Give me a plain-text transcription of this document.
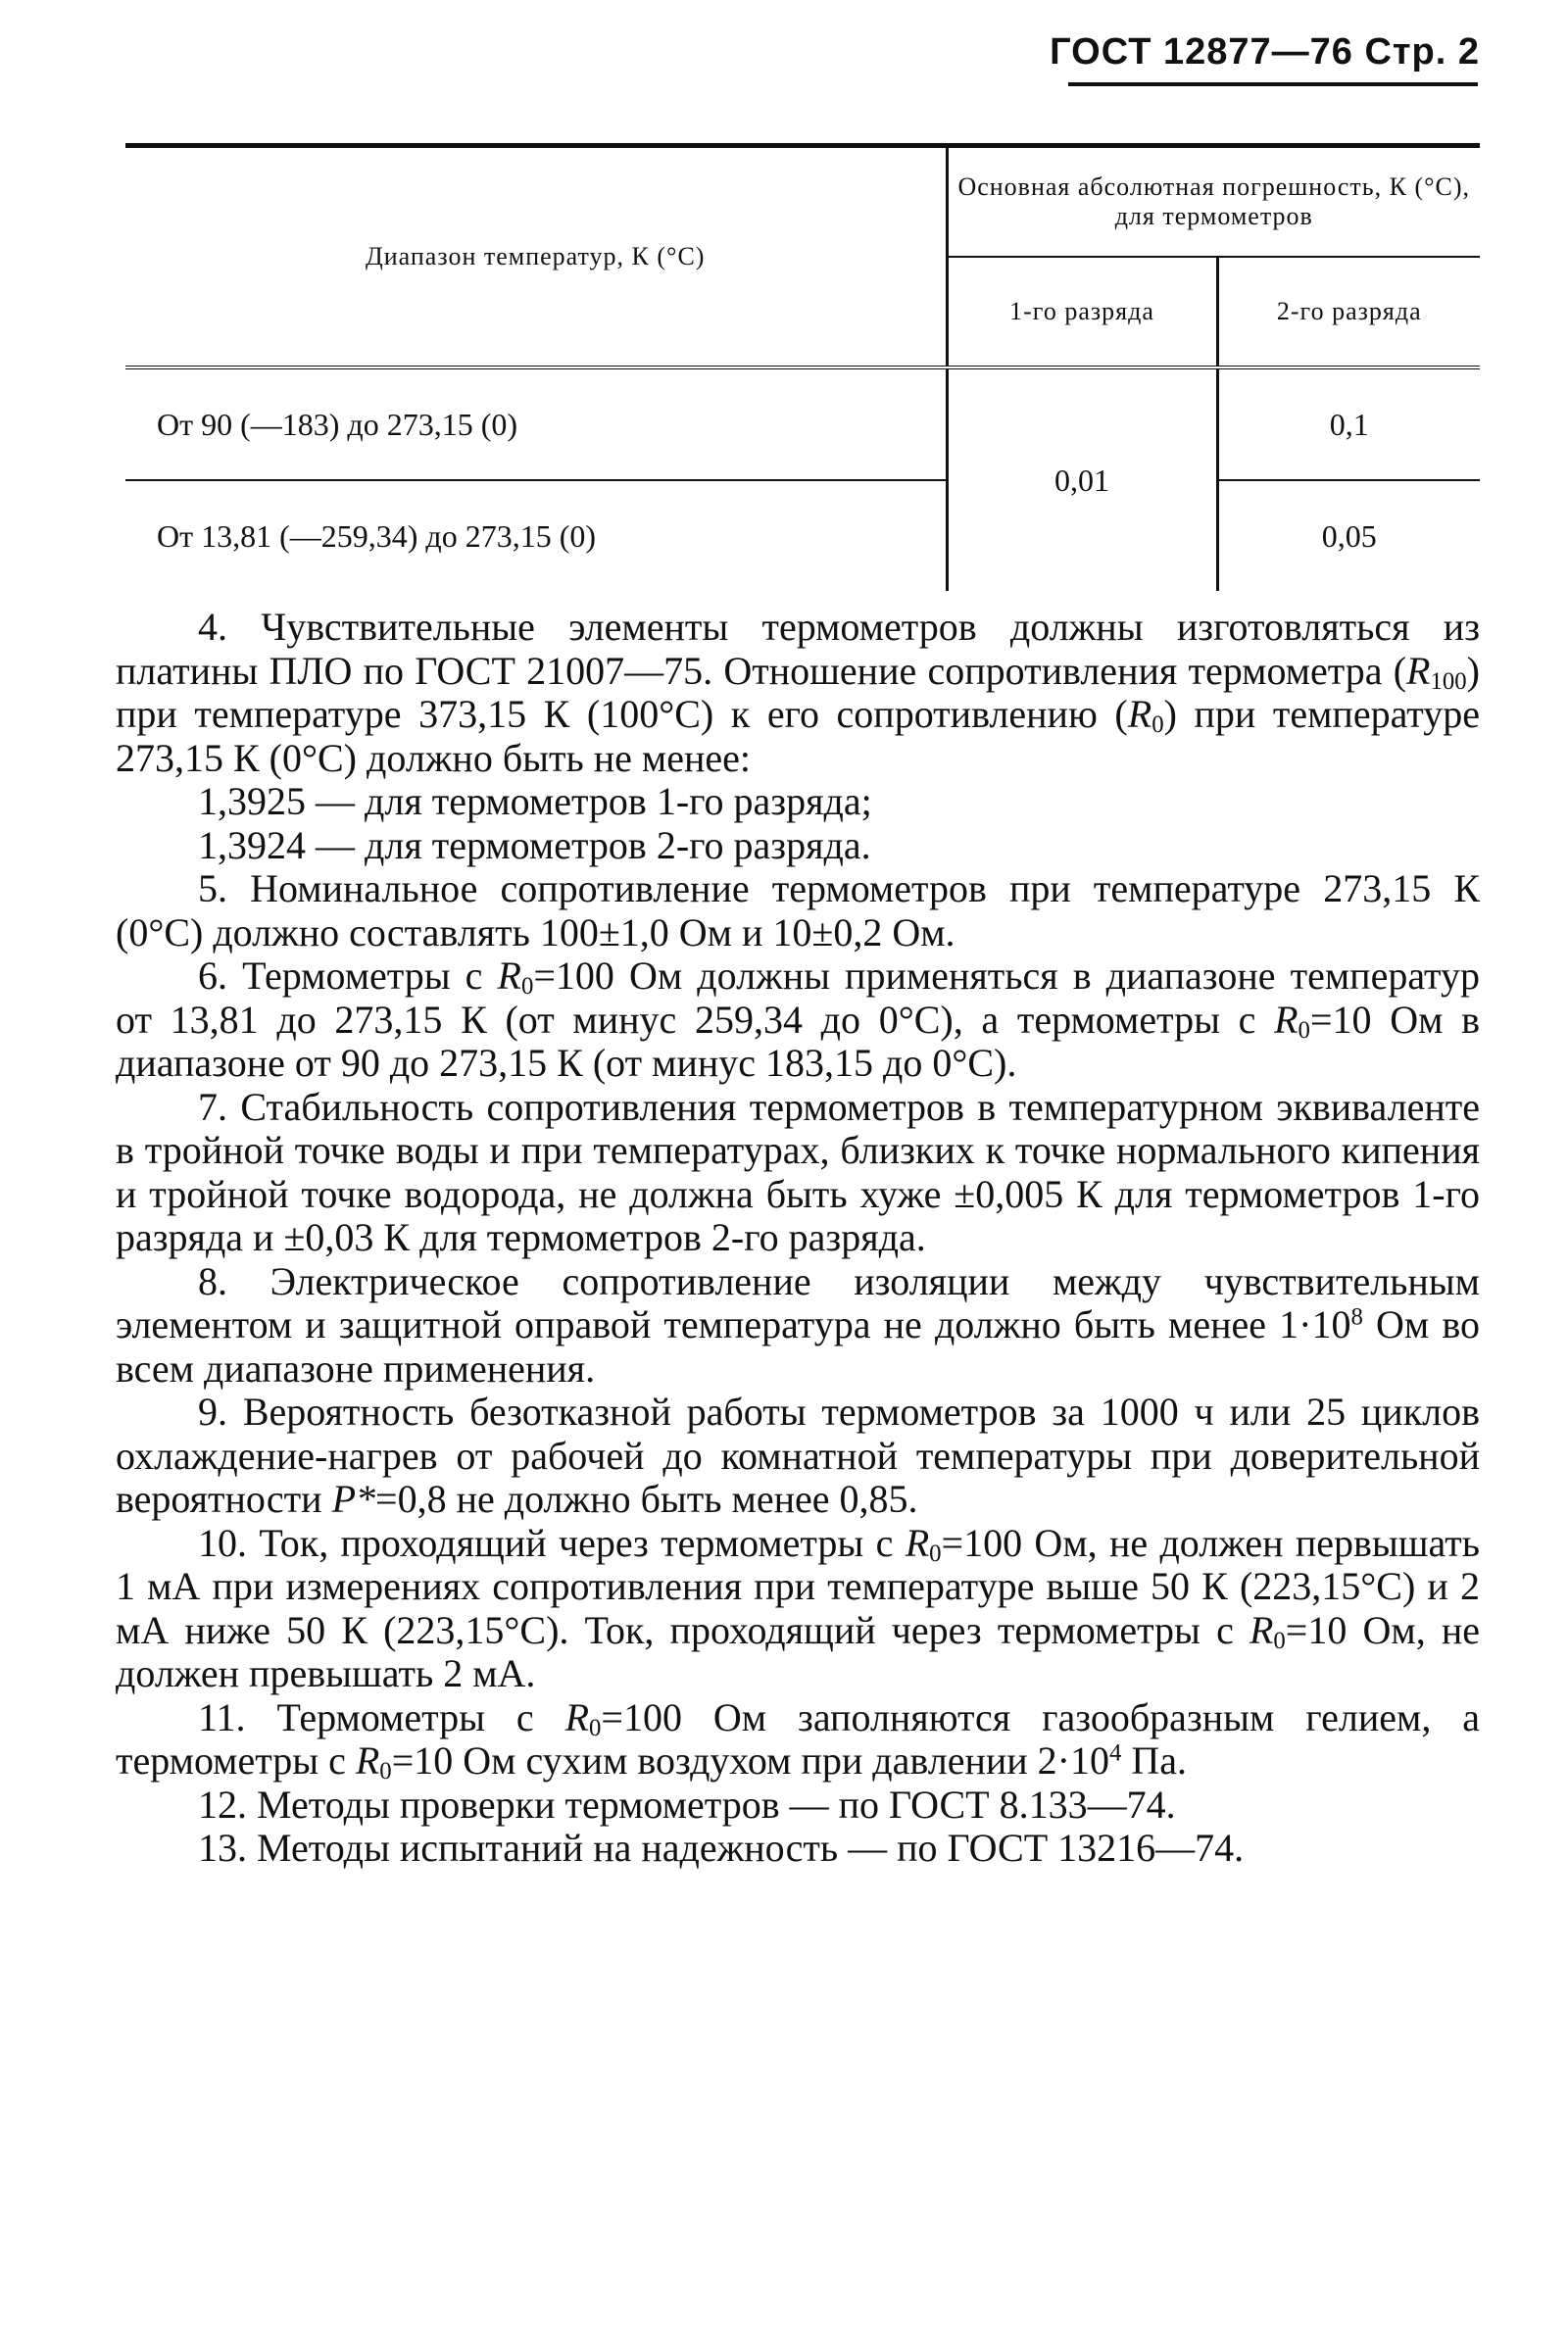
ГОСТ 12877—76 Стр. 2
Диапазон температур, К (°С)	Основная абсолютная погрешность, К (°С), для термометров	
	1-го разряда	2-го разряда

От 90 (—183) до 273,15 (0)	0,01	0,1
От 13,81 (—259,34) до 273,15 (0)		0,05

4. Чувствительные элементы термометров должны изготовляться из платины ПЛО по ГОСТ 21007—75. Отношение сопротивления термометра $(R_{100})$ при температуре 373,15 К (100°С) к его сопротивлению $(R_0)$ при температуре 273,15 К (0°С) должно быть не менее:

1,3925 — для термометров 1-го разряда;

1,3924 — для термометров 2-го разряда.

5. Номинальное сопротивление термометров при температуре 273,15 К (0°С) должно составлять 100±1,0 Ом и 10±0,2 Ом.

6. Термометры с $R_0=100$ Ом должны применяться в диапазоне температур от 13,81 до 273,15 К (от минус 259,34 до 0°С), а термометры с $R_0=10$ Ом в диапазоне от 90 до 273,15 К (от минус 183,15 до 0°С).

7. Стабильность сопротивления термометров в температурном эквиваленте в тройной точке воды и при температурах, близких к точке нормального кипения и тройной точке водорода, не должна быть хуже ±0,005 К для термометров 1-го разряда и ±0,03 К для термометров 2-го разряда.

8. Электрическое сопротивление изоляции между чувствительным элементом и защитной оправой температура не должно быть менее $1\cdot 10^8$ Ом во всем диапазоне применения.

9. Вероятность безотказной работы термометров за 1000 ч или 25 циклов охлаждение-нагрев от рабочей до комнатной температуры при доверительной вероятности P*=0,8 не должно быть менее 0,85.

10. Ток, проходящий через термометры с $R_0=100$ Ом, не должен первышать 1 мА при измерениях сопротивления при температуре выше 50 К (223,15°С) и 2 мА ниже 50 К (223,15°С). Ток, проходящий через термометры с $R_0=10$ Ом, не должен превышать 2 мА.

11. Термометры с $R_0=100$ Ом заполняются газообразным гелием, а термометры с $R_0=10$ Ом сухим воздухом при давлении $2\cdot 10^4$ Па.

12. Методы проверки термометров — по ГОСТ 8.133—74.

13. Методы испытаний на надежность — по ГОСТ 13216—74.
